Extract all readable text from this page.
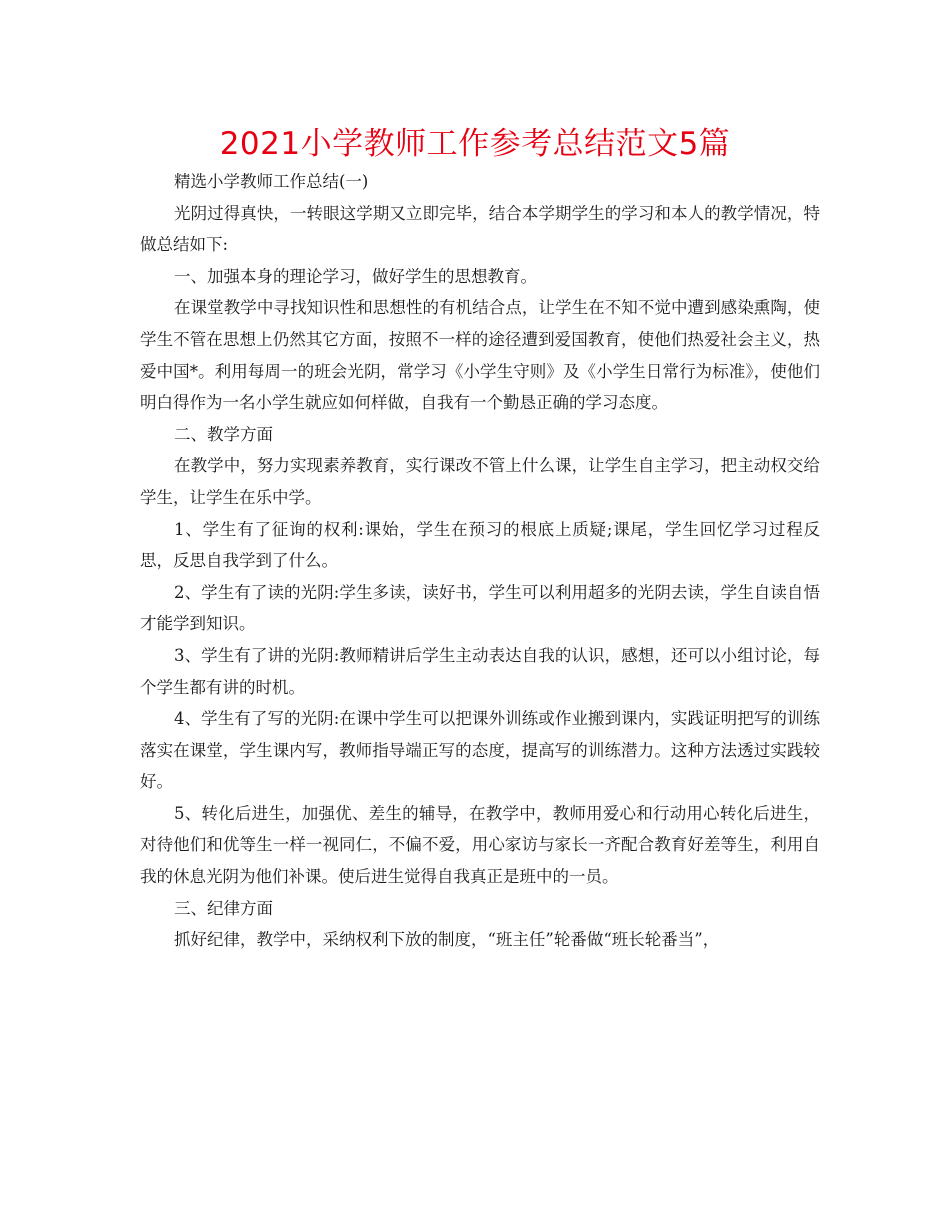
2021小学教师工作参考总结范文5篇

精选小学教师工作总结(一)

光阴过得真快，一转眼这学期又立即完毕，结合本学期学生的学习和本人的教学情况，特做总结如下:

一、加强本身的理论学习，做好学生的思想教育。

在课堂教学中寻找知识性和思想性的有机结合点，让学生在不知不觉中遭到感染熏陶，使学生不管在思想上仍然其它方面，按照不一样的途径遭到爱国教育，使他们热爱社会主义，热爱中国*。利用每周一的班会光阴，常学习《小学生守则》及《小学生日常行为标准》，使他们明白得作为一名小学生就应如何样做，自我有一个勤恳正确的学习态度。

二、教学方面

在教学中，努力实现素养教育，实行课改不管上什么课，让学生自主学习，把主动权交给学生，让学生在乐中学。

1、学生有了征询的权利:课始，学生在预习的根底上质疑;课尾，学生回忆学习过程反思，反思自我学到了什么。

2、学生有了读的光阴:学生多读，读好书，学生可以利用超多的光阴去读，学生自读自悟才能学到知识。

3、学生有了讲的光阴:教师精讲后学生主动表达自我的认识，感想，还可以小组讨论，每个学生都有讲的时机。

4、学生有了写的光阴:在课中学生可以把课外训练或作业搬到课内，实践证明把写的训练落实在课堂，学生课内写，教师指导端正写的态度，提高写的训练潜力。这种方法透过实践较好。

5、转化后进生，加强优、差生的辅导，在教学中，教师用爱心和行动用心转化后进生，对待他们和优等生一样一视同仁，不偏不爱，用心家访与家长一齐配合教育好差等生，利用自我的休息光阴为他们补课。使后进生觉得自我真正是班中的一员。

三、纪律方面

抓好纪律，教学中，采纳权利下放的制度，“班主任”轮番做“班长轮番当”，
